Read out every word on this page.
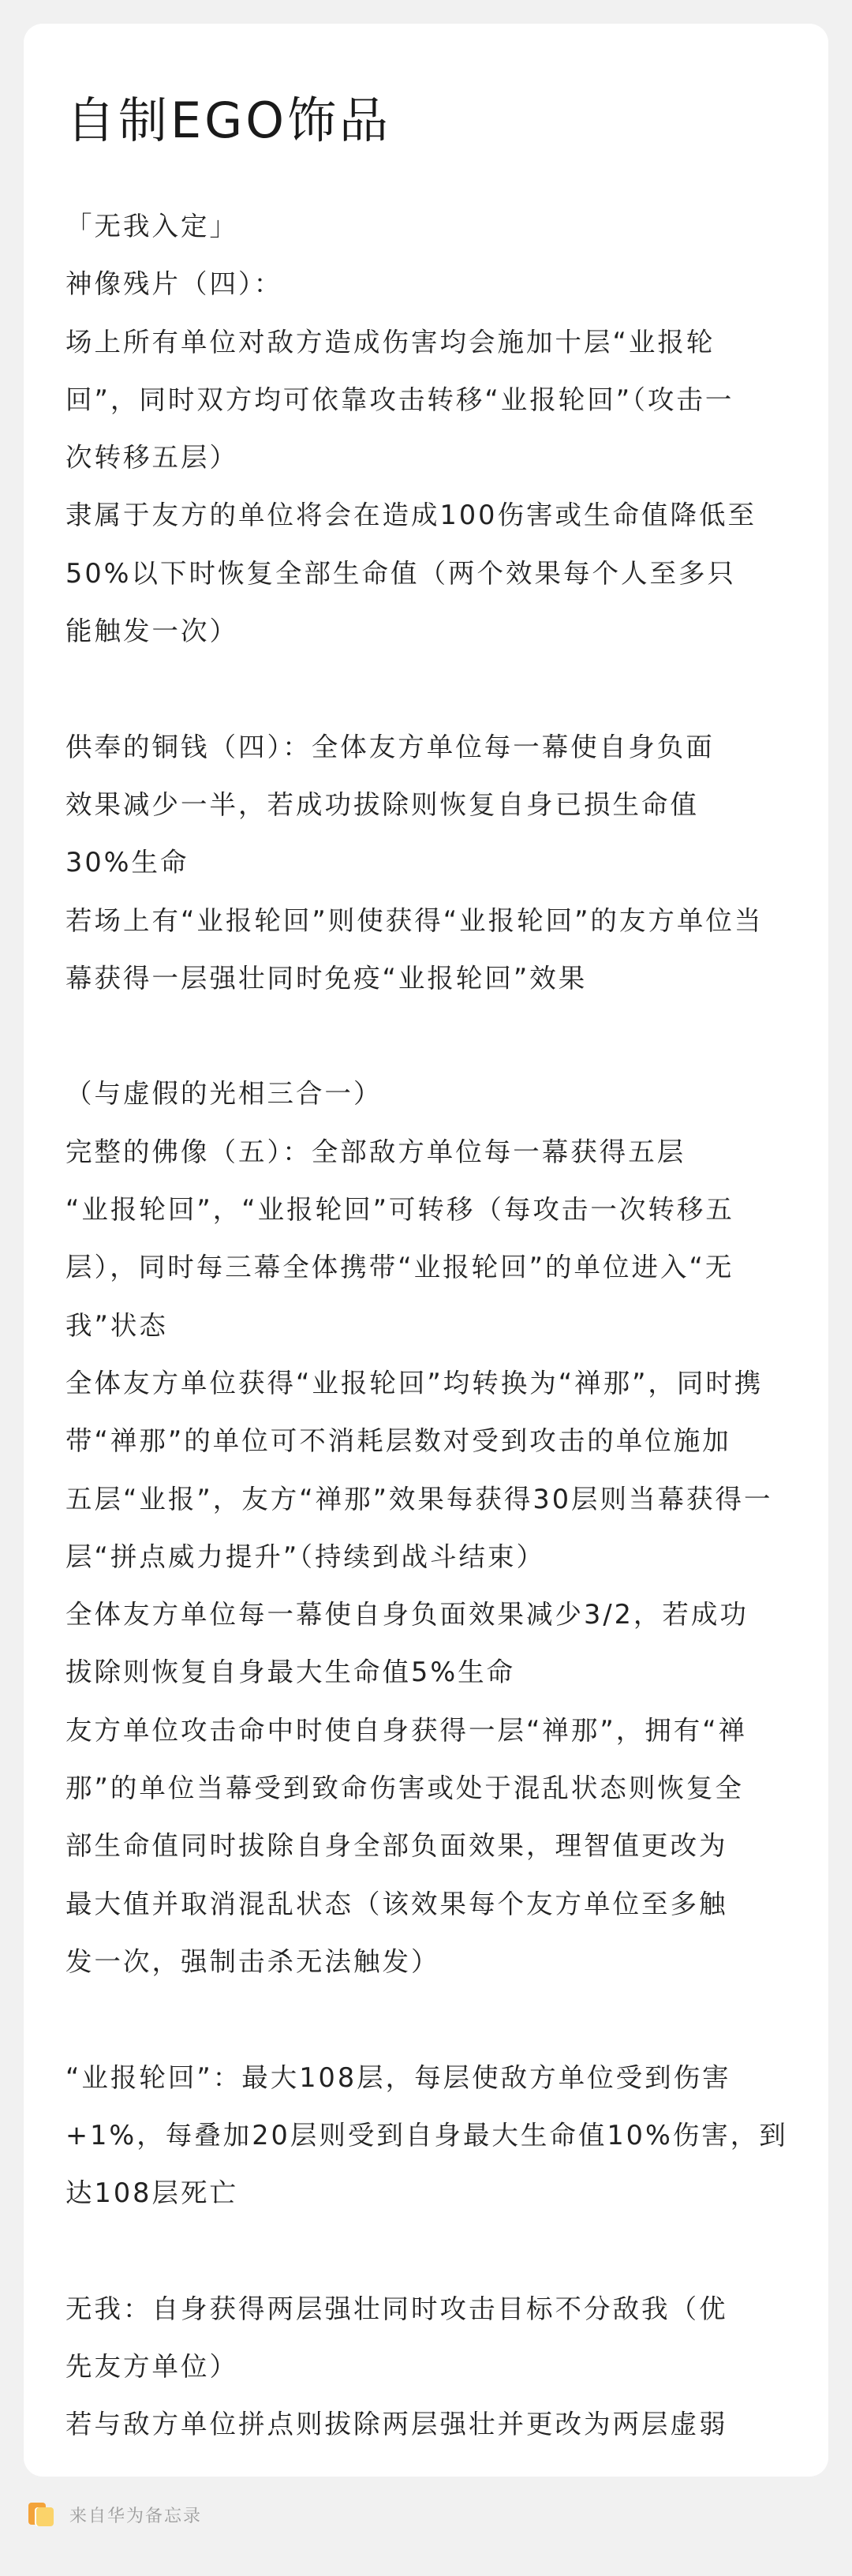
自制EGO饰品
「无我入定」
神像残片（四）：
场上所有单位对敌方造成伤害均会施加十层“业报轮
回”，同时双方均可依靠攻击转移“业报轮回”（攻击一
次转移五层）
隶属于友方的单位将会在造成100伤害或生命值降低至
50%以下时恢复全部生命值（两个效果每个人至多只
能触发一次）
供奉的铜钱（四）：全体友方单位每一幕使自身负面
效果减少一半，若成功拔除则恢复自身已损生命值
30%生命
若场上有“业报轮回”则使获得“业报轮回”的友方单位当
幕获得一层强壮同时免疫“业报轮回”效果
（与虚假的光相三合一）
完整的佛像（五）：全部敌方单位每一幕获得五层
“业报轮回”，“业报轮回”可转移（每攻击一次转移五
层），同时每三幕全体携带“业报轮回”的单位进入“无
我”状态
全体友方单位获得“业报轮回”均转换为“禅那”，同时携
带“禅那”的单位可不消耗层数对受到攻击的单位施加
五层“业报”，友方“禅那”效果每获得30层则当幕获得一
层“拼点威力提升”（持续到战斗结束）
全体友方单位每一幕使自身负面效果减少3/2，若成功
拔除则恢复自身最大生命值5%生命
友方单位攻击命中时使自身获得一层“禅那”，拥有“禅
那”的单位当幕受到致命伤害或处于混乱状态则恢复全
部生命值同时拔除自身全部负面效果，理智值更改为
最大值并取消混乱状态（该效果每个友方单位至多触
发一次，强制击杀无法触发）
“业报轮回”：最大108层，每层使敌方单位受到伤害
+1%，每叠加20层则受到自身最大生命值10%伤害，到
达108层死亡
无我：自身获得两层强壮同时攻击目标不分敌我（优
先友方单位）
若与敌方单位拼点则拔除两层强壮并更改为两层虚弱
来自华为备忘录
